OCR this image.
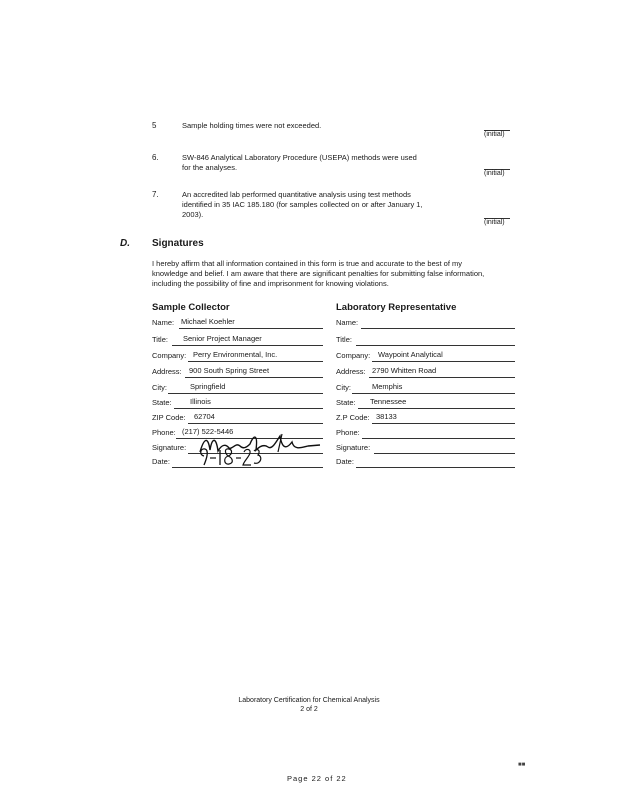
5	Sample holding times were not exceeded.
(initial)
6.	SW-846 Analytical Laboratory Procedure (USEPA) methods were used for the analyses.
(initial)
7.	An accredited lab performed quantitative analysis using test methods identified in 35 IAC 185.180 (for samples collected on or after January 1, 2003).
(initial)
D. Signatures
I hereby affirm that all information contained in this form is true and accurate to the best of my knowledge and belief. I am aware that there are significant penalties for submitting false information, including the possibility of fine and imprisonment for knowing violations.
Sample Collector	Laboratory Representative
Name: Michael Koehler
Title: Senior Project Manager
Company: Perry Environmental, Inc.
Address: 900 South Spring Street
City:	Springfield
State: Illinois
ZIP Code: 62704
Phone: (217) 522-5446
Signature:
Date:
Name:
Title:
Company: Waypoint Analytical
Address: 2790 Whitten Road
City:	Memphis
State: Tennessee
Z.P Code: 38133
Phone:
Signature:
Date:
Laboratory Certification for Chemical Analysis
2 of 2
■■
Page 22 of 22
